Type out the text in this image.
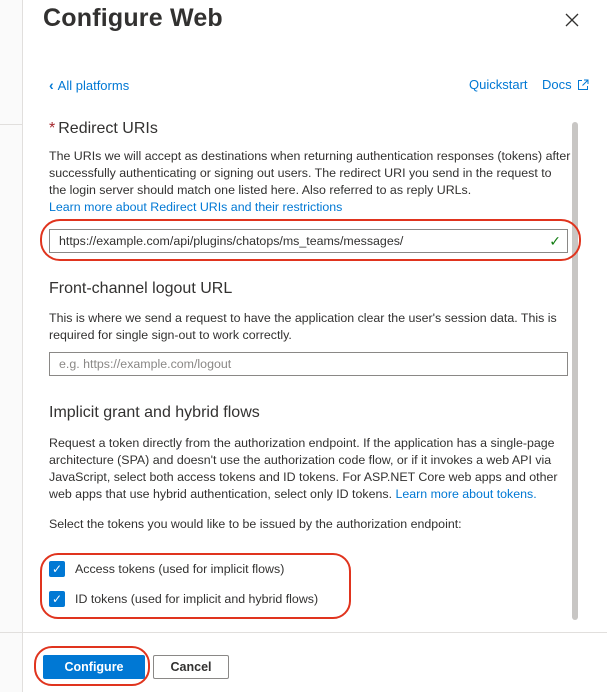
Configure Web
‹ All platforms	Quickstart Docs
* Redirect URIs

The URIs we will accept as destinations when returning authentication responses (tokens) after successfully authenticating or signing out users. The redirect URI you send in the request to the login server should match one listed here. Also referred to as reply URLs.
Learn more about Redirect URIs and their restrictions

https://example.com/api/plugins/chatops/ms_teams/messages/	✓
Front-channel logout URL

This is where we send a request to have the application clear the user's session data. This is required for single sign-out to work correctly.

e.g. https://example.com/logout
Implicit grant and hybrid flows

Request a token directly from the authorization endpoint. If the application has a single-page architecture (SPA) and doesn't use the authorization code flow, or if it invokes a web API via JavaScript, select both access tokens and ID tokens. For ASP.NET Core web apps and other web apps that use hybrid authentication, select only ID tokens. Learn more about tokens.

Select the tokens you would like to be issued by the authorization endpoint:

✓ Access tokens (used for implicit flows)
✓ ID tokens (used for implicit and hybrid flows)
Configure	Cancel
